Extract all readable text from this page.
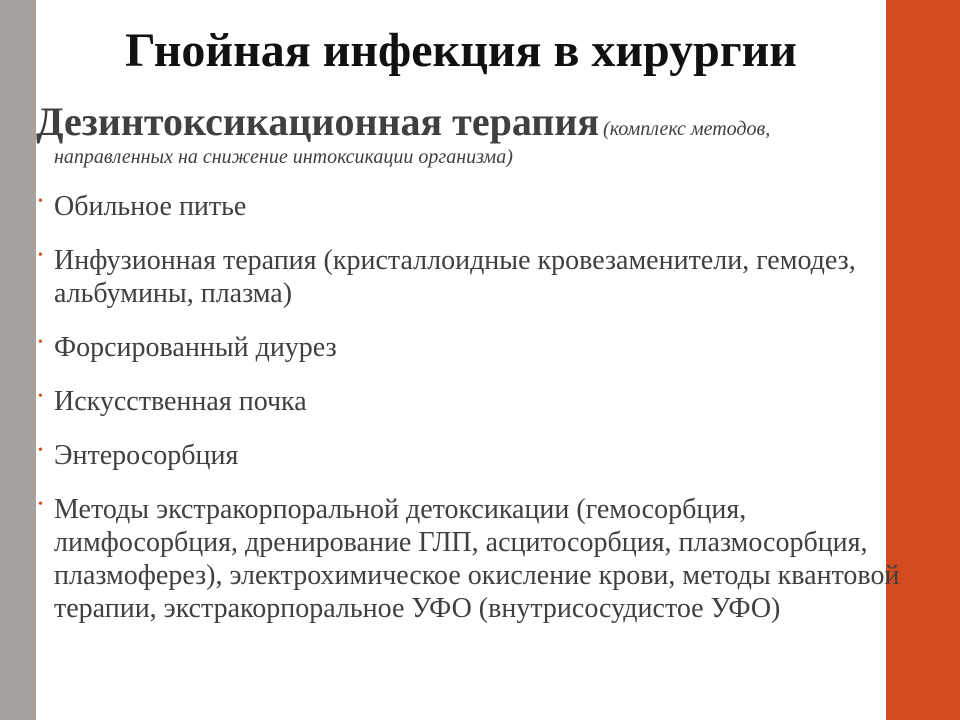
Гнойная инфекция в хирургии
Дезинтоксикационная терапия (комплекс методов,
направленных на снижение интоксикации организма)
• Обильное питье
• Инфузионная терапия (кристаллоидные кровезаменители, гемодез, альбумины, плазма)
• Форсированный диурез
• Искусственная почка
• Энтеросорбция
• Методы экстракорпоральной детоксикации (гемосорбция, лимфосорбция, дренирование ГЛП, асцитосорбция, плазмосорбция, плазмоферез), электрохимическое окисление крови, методы квантовой терапии, экстракорпоральное УФО (внутрисосудистое УФО)
